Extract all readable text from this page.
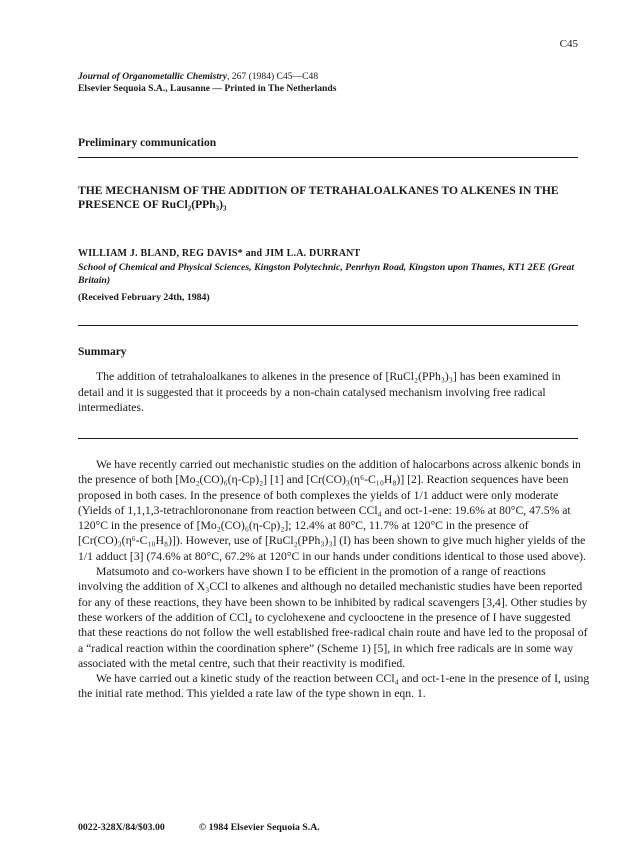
C45
Journal of Organometallic Chemistry, 267 (1984) C45—C48
Elsevier Sequoia S.A., Lausanne — Printed in The Netherlands
Preliminary communication
THE MECHANISM OF THE ADDITION OF TETRAHALOALKANES TO ALKENES IN THE PRESENCE OF RuCl₂(PPh₃)₃
WILLIAM J. BLAND, REG DAVIS* and JIM L.A. DURRANT
School of Chemical and Physical Sciences, Kingston Polytechnic, Penrhyn Road, Kingston upon Thames, KT1 2EE (Great Britain)
(Received February 24th, 1984)
Summary
The addition of tetrahaloalkanes to alkenes in the presence of [RuCl₂(PPh₃)₃] has been examined in detail and it is suggested that it proceeds by a non-chain catalysed mechanism involving free radical intermediates.

We have recently carried out mechanistic studies on the addition of halocarbons across alkenic bonds in the presence of both [Mo₂(CO)₆(η-Cp)₂] [1] and [Cr(CO)₃(η⁶-C₁₀H₈)] [2]. Reaction sequences have been proposed in both cases. In the presence of both complexes the yields of 1/1 adduct were only moderate (Yields of 1,1,1,3-tetrachlorononane from reaction between CCl₄ and oct-1-ene: 19.6% at 80°C, 47.5% at 120°C in the presence of [Mo₂(CO)₆(η-Cp)₂]; 12.4% at 80°C, 11.7% at 120°C in the presence of [Cr(CO)₃(η⁶-C₁₀H₈)]). However, use of [RuCl₂(PPh₃)₃] (I) has been shown to give much higher yields of the 1/1 adduct [3] (74.6% at 80°C, 67.2% at 120°C in our hands under conditions identical to those used above).

Matsumoto and co-workers have shown I to be efficient in the promotion of a range of reactions involving the addition of X₃CCl to alkenes and although no detailed mechanistic studies have been reported for any of these reactions, they have been shown to be inhibited by radical scavengers [3,4]. Other studies by these workers of the addition of CCl₄ to cyclohexene and cyclooctene in the presence of I have suggested that these reactions do not follow the well established free-radical chain route and have led to the proposal of a “radical reaction within the coordination sphere” (Scheme 1) [5], in which free radicals are in some way associated with the metal centre, such that their reactivity is modified.

We have carried out a kinetic study of the reaction between CCl₄ and oct-1-ene in the presence of I, using the initial rate method. This yielded a rate law of the type shown in eqn. 1.

0022-328X/84/$03.00	© 1984 Elsevier Sequoia S.A.
